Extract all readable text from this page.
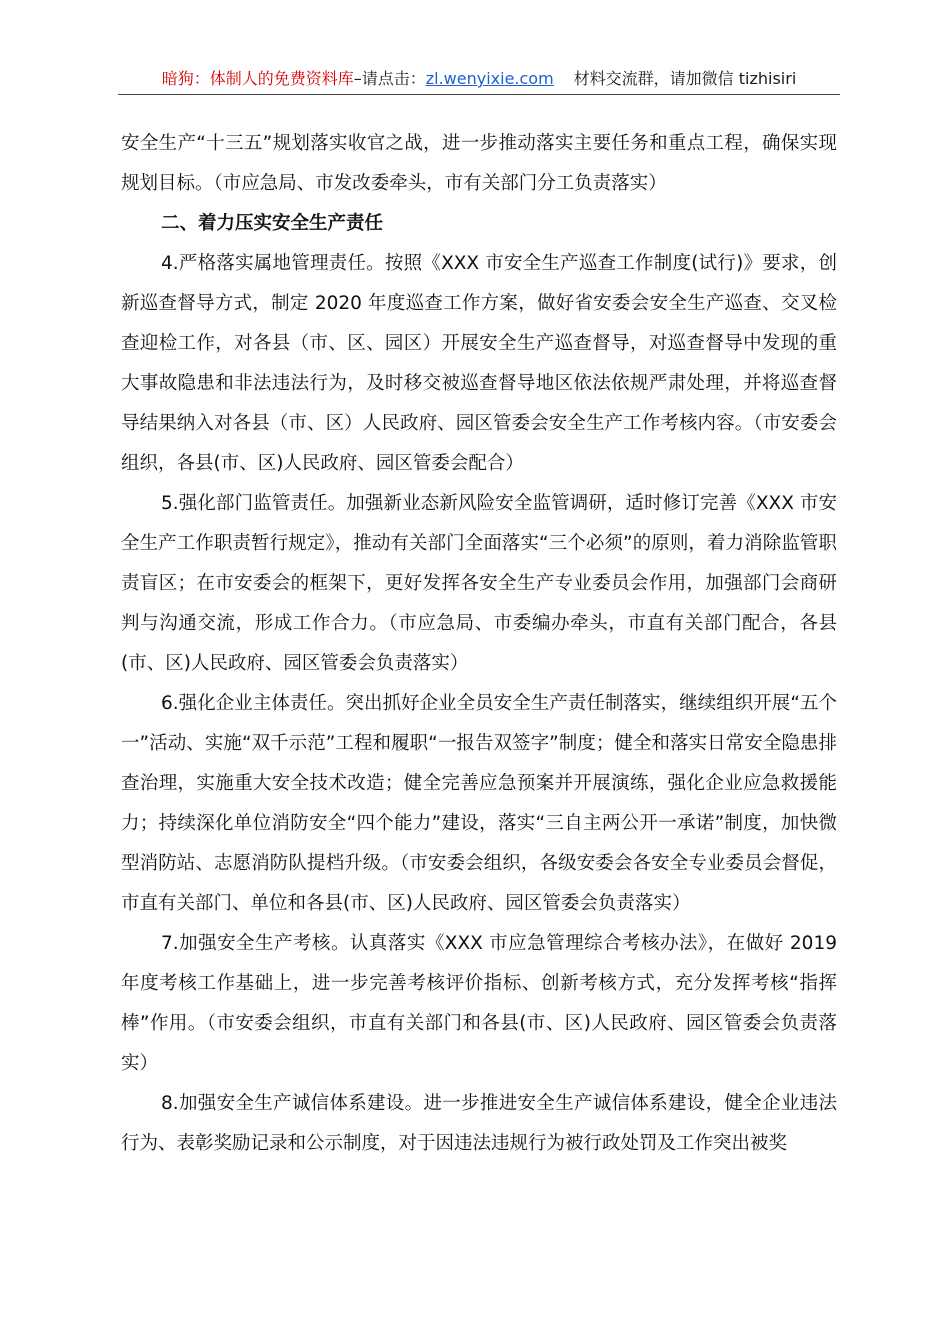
暗狗：体制人的免费资料库–请点击：zl.wenyixie.com 材料交流群，请加微信 tizhisiri

安全生产“十三五”规划落实收官之战，进一步推动落实主要任务和重点工程，确保实现规划目标。（市应急局、市发改委牵头，市有关部门分工负责落实）

二、着力压实安全生产责任

4.严格落实属地管理责任。按照《XXX 市安全生产巡查工作制度(试行)》要求，创新巡查督导方式，制定 2020 年度巡查工作方案，做好省安委会安全生产巡查、交叉检查迎检工作，对各县（市、区、园区）开展安全生产巡查督导，对巡查督导中发现的重大事故隐患和非法违法行为，及时移交被巡查督导地区依法依规严肃处理，并将巡查督导结果纳入对各县（市、区）人民政府、园区管委会安全生产工作考核内容。（市安委会组织，各县(市、区)人民政府、园区管委会配合）

5.强化部门监管责任。加强新业态新风险安全监管调研，适时修订完善《XXX 市安全生产工作职责暂行规定》，推动有关部门全面落实“三个必须”的原则，着力消除监管职责盲区；在市安委会的框架下，更好发挥各安全生产专业委员会作用，加强部门会商研判与沟通交流，形成工作合力。（市应急局、市委编办牵头，市直有关部门配合，各县(市、区)人民政府、园区管委会负责落实）

6.强化企业主体责任。突出抓好企业全员安全生产责任制落实，继续组织开展“五个一”活动、实施“双千示范”工程和履职“一报告双签字”制度；健全和落实日常安全隐患排查治理，实施重大安全技术改造；健全完善应急预案并开展演练，强化企业应急救援能力；持续深化单位消防安全“四个能力”建设，落实“三自主两公开一承诺”制度，加快微型消防站、志愿消防队提档升级。（市安委会组织，各级安委会各安全专业委员会督促，市直有关部门、单位和各县(市、区)人民政府、园区管委会负责落实）

7.加强安全生产考核。认真落实《XXX 市应急管理综合考核办法》，在做好 2019 年度考核工作基础上，进一步完善考核评价指标、创新考核方式，充分发挥考核“指挥棒”作用。（市安委会组织，市直有关部门和各县(市、区)人民政府、园区管委会负责落实）

8.加强安全生产诚信体系建设。进一步推进安全生产诚信体系建设，健全企业违法行为、表彰奖励记录和公示制度，对于因违法违规行为被行政处罚及工作突出被奖
